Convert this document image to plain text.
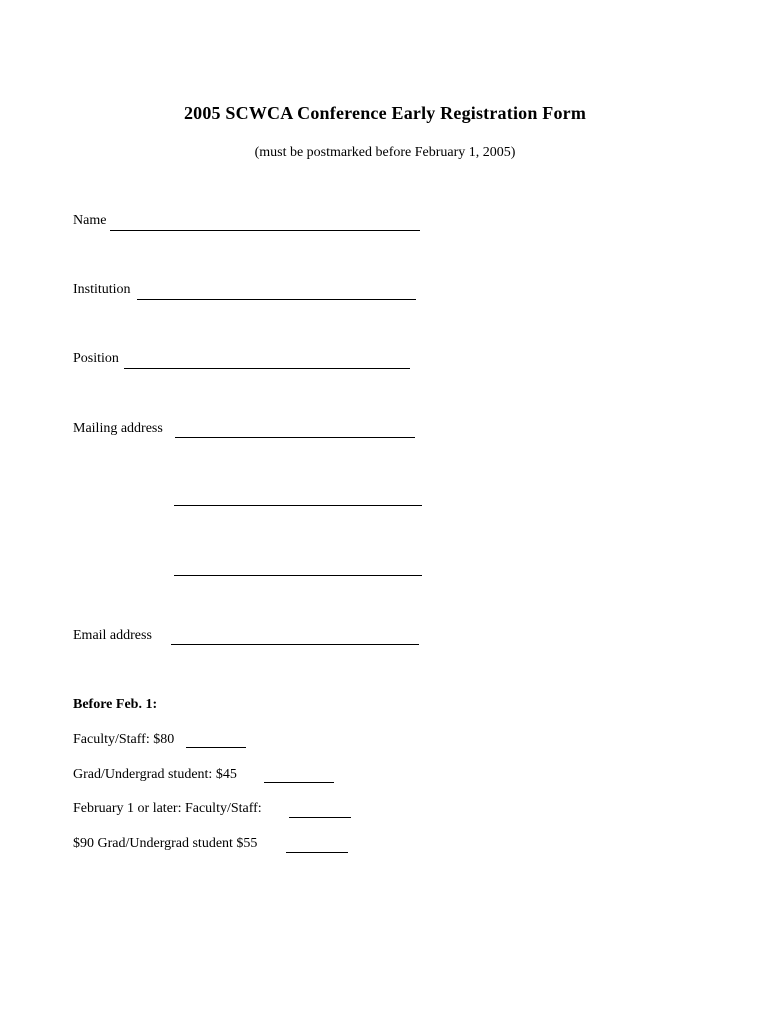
2005 SCWCA Conference Early Registration Form
(must be postmarked before February 1, 2005)
Name
Institution
Position
Mailing address
Email address
Before Feb. 1:
Faculty/Staff: $80
Grad/Undergrad student: $45
February 1 or later: Faculty/Staff:
$90 Grad/Undergrad student $55
